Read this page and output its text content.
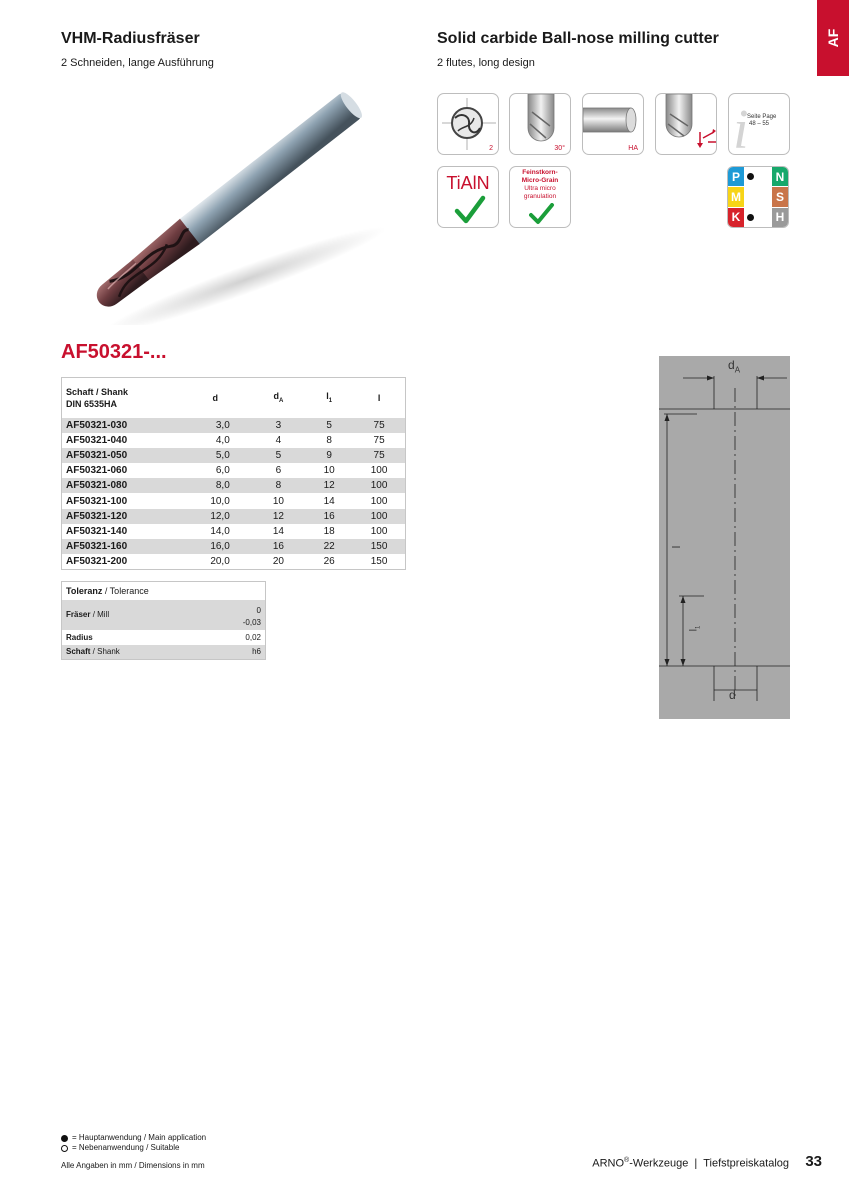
AF
VHM-Radiusfräser
2 Schneiden, lange Ausführung
Solid carbide Ball-nose milling cutter
2 flutes, long design
2	30°	HA i
Seite Page
48 – 55
TiAlN
Feinstkorn-
Micro-Grain
Ultra micro
granulation
P	N
M	S
K	H
AF50321-...
Schaft / Shank
DIN 6535HA	d	$d_A$	$l_1$	l
AF50321-030	3,0	3	5	75
AF50321-040	4,0	4	8	75
AF50321-050	5,0	5	9	75
AF50321-060	6,0	6	10	100
AF50321-080	8,0	8	12	100
AF50321-100	10,0	10	14	100
AF50321-120	12,0	12	16	100
AF50321-140	14,0	14	18	100
AF50321-160	16,0	16	22	150
AF50321-200	20,0	20	26	150
Toleranz / Tolerance	
Fräser / Mill	0
	-0,03
Radius	0,02
Schaft / Shank	h6
$d_A$
l
$l_1$
d
= Hauptanwendung / Main application
= Nebenanwendung / Suitable
Alle Angaben in mm / Dimensions in mm	ARNO®-Werkzeuge  |  Tiefstpreiskatalog 33
